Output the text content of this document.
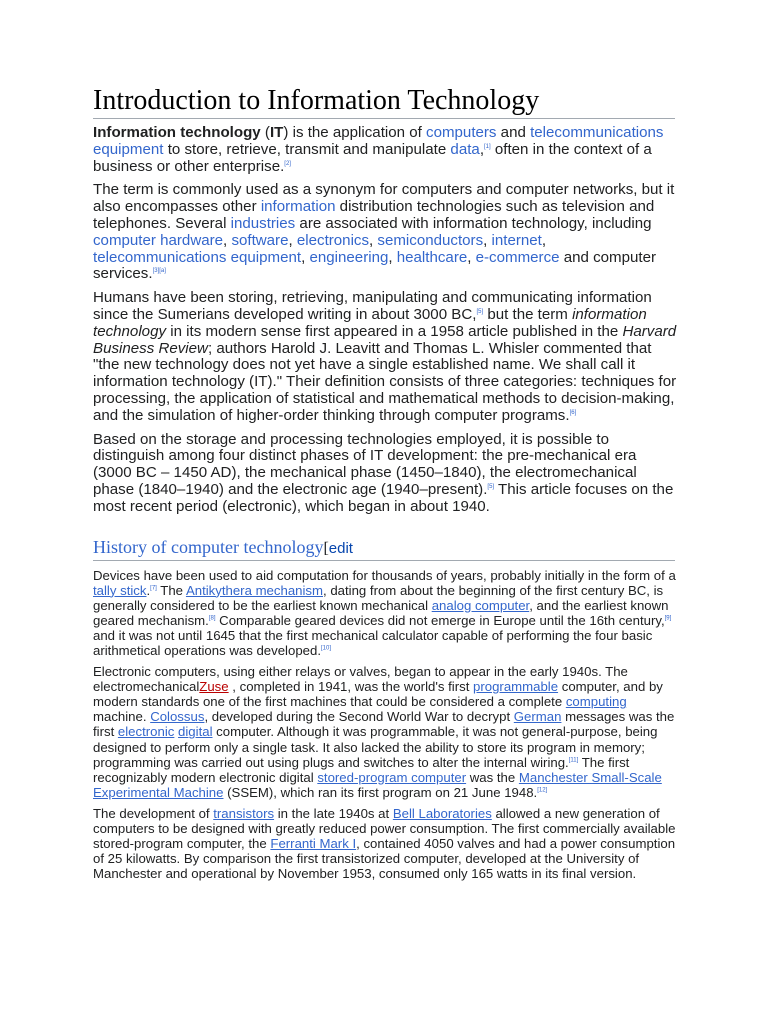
Introduction to Information Technology

Information technology (IT) is the application of computers and telecommunications equipment to store, retrieve, transmit and manipulate data,[1] often in the context of a business or other enterprise.[2]

The term is commonly used as a synonym for computers and computer networks, but it also encompasses other information distribution technologies such as television and telephones. Several industries are associated with information technology, including computer hardware, software, electronics, semiconductors, internet, telecommunications equipment, engineering, healthcare, e-commerce and computer services.[3][a]

Humans have been storing, retrieving, manipulating and communicating information since the Sumerians developed writing in about 3000 BC,[5] but the term information technology in its modern sense first appeared in a 1958 article published in the Harvard Business Review; authors Harold J. Leavitt and Thomas L. Whisler commented that "the new technology does not yet have a single established name. We shall call it information technology (IT)." Their definition consists of three categories: techniques for processing, the application of statistical and mathematical methods to decision-making, and the simulation of higher-order thinking through computer programs.[6]

Based on the storage and processing technologies employed, it is possible to distinguish among four distinct phases of IT development: the pre-mechanical era (3000 BC – 1450 AD), the mechanical phase (1450–1840), the electromechanical phase (1840–1940) and the electronic age (1940–present).[5] This article focuses on the most recent period (electronic), which began in about 1940.

History of computer technology[edit

Devices have been used to aid computation for thousands of years, probably initially in the form of a tally stick.[7] The Antikythera mechanism, dating from about the beginning of the first century BC, is generally considered to be the earliest known mechanical analog computer, and the earliest known geared mechanism.[8] Comparable geared devices did not emerge in Europe until the 16th century,[9] and it was not until 1645 that the first mechanical calculator capable of performing the four basic arithmetical operations was developed.[10]

Electronic computers, using either relays or valves, began to appear in the early 1940s. The electromechanicalZuse , completed in 1941, was the world's first programmable computer, and by modern standards one of the first machines that could be considered a complete computing machine. Colossus, developed during the Second World War to decrypt German messages was the first electronic digital computer. Although it was programmable, it was not general-purpose, being designed to perform only a single task. It also lacked the ability to store its program in memory; programming was carried out using plugs and switches to alter the internal wiring.[11] The first recognizably modern electronic digital stored-program computer was the Manchester Small-Scale Experimental Machine (SSEM), which ran its first program on 21 June 1948.[12]

The development of transistors in the late 1940s at Bell Laboratories allowed a new generation of computers to be designed with greatly reduced power consumption. The first commercially available stored-program computer, the Ferranti Mark I, contained 4050 valves and had a power consumption of 25 kilowatts. By comparison the first transistorized computer, developed at the University of Manchester and operational by November 1953, consumed only 165 watts in its final version.
